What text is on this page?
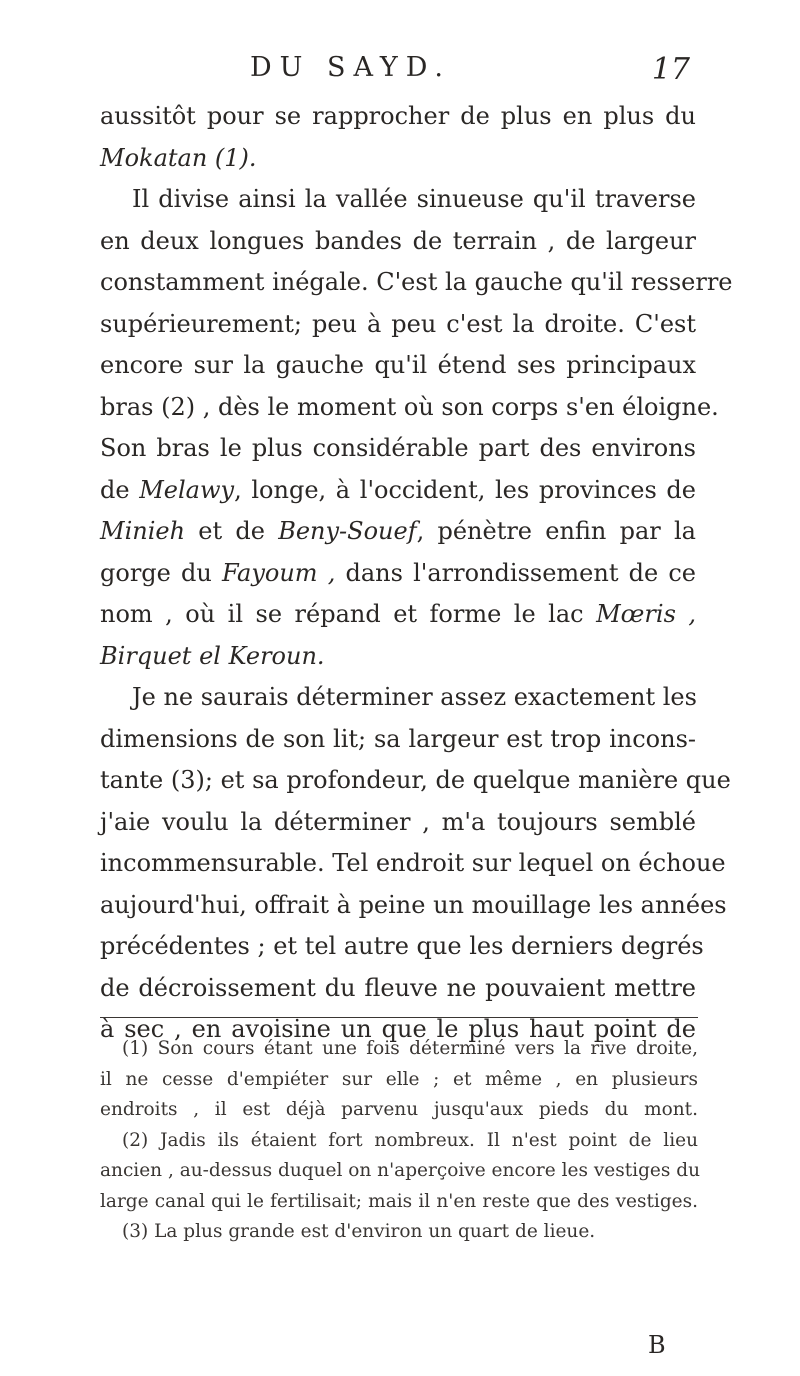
DU SAYD.	17
aussitôt pour se rapprocher de plus en plus du
Mokatan (1).
Il divise ainsi la vallée sinueuse qu'il traverse
en deux longues bandes de terrain , de largeur
constamment inégale. C'est la gauche qu'il resserre
supérieurement; peu à peu c'est la droite. C'est
encore sur la gauche qu'il étend ses principaux
bras (2) , dès le moment où son corps s'en éloigne.
Son bras le plus considérable part des environs
de Melawy, longe, à l'occident, les provinces de
Minieh et de Beny-Souef, pénètre enfin par la
gorge du Fayoum , dans l'arrondissement de ce
nom , où il se répand et forme le lac Mœris ,
Birquet el Keroun.
Je ne saurais déterminer assez exactement les
dimensions de son lit; sa largeur est trop incons-
tante (3); et sa profondeur, de quelque manière que
j'aie voulu la déterminer , m'a toujours semblé
incommensurable. Tel endroit sur lequel on échoue
aujourd'hui, offrait à peine un mouillage les années
précédentes ; et tel autre que les derniers degrés
de décroissement du fleuve ne pouvaient mettre
à sec , en avoisine un que le plus haut point de
(1) Son cours étant une fois déterminé vers la rive droite,
il ne cesse d'empiéter sur elle ; et même , en plusieurs
endroits , il est déjà parvenu jusqu'aux pieds du mont.
(2) Jadis ils étaient fort nombreux. Il n'est point de lieu
ancien , au-dessus duquel on n'aperçoive encore les vestiges du
large canal qui le fertilisait; mais il n'en reste que des vestiges.
(3) La plus grande est d'environ un quart de lieue.
B
